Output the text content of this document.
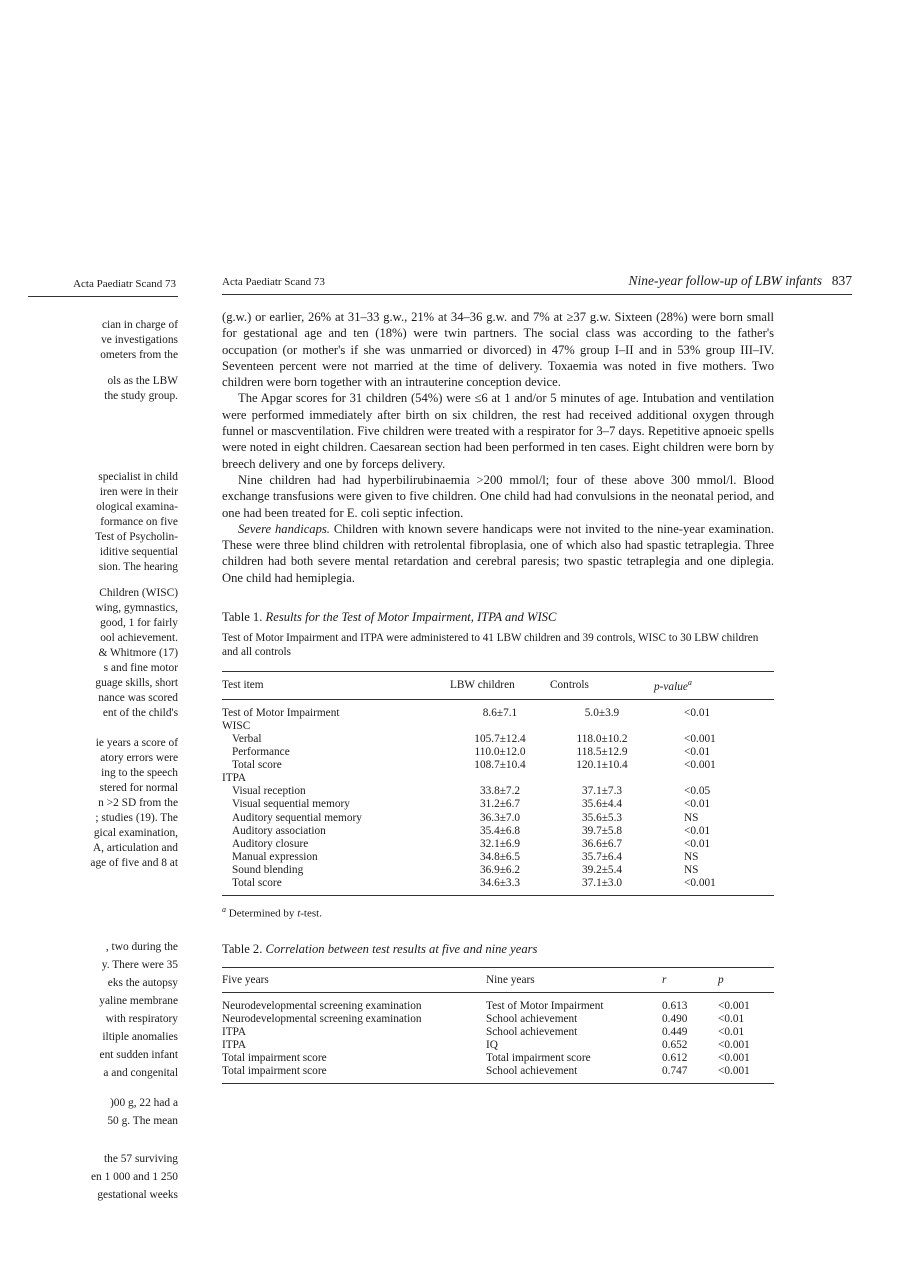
Acta Paediatr Scand 73
cian in charge of
ve investigations
ometers from the
ols as the LBW
the study group.
specialist in child
iren were in their
ological examina-
formance on five
Test of Psycholin-
iditive sequential
sion. The hearing
Children (WISC)
wing, gymnastics,
good, 1 for fairly
ool achievement.
& Whitmore (17)
s and fine motor
guage skills, short
nance was scored
ent of the child's
ie years a score of
atory errors were
ing to the speech
stered for normal
n >2 SD from the
; studies (19). The
gical examination,
A, articulation and
age of five and 8 at
, two during the
y. There were 35
eks the autopsy
yaline membrane
with respiratory
iltiple anomalies
ent sudden infant
a and congenital
)00 g, 22 had a
50 g. The mean
the 57 surviving
en 1 000 and 1 250
gestational weeks
Acta Paediatr Scand 73	Nine-year follow-up of LBW infants 837

(g.w.) or earlier, 26% at 31–33 g.w., 21% at 34–36 g.w. and 7% at ≥37 g.w. Sixteen (28%) were born small for gestational age and ten (18%) were twin partners. The social class was according to the father's occupation (or mother's if she was unmarried or divorced) in 47% group I–II and in 53% group III–IV. Seventeen percent were not married at the time of delivery. Toxaemia was noted in five mothers. Two children were born together with an intrauterine conception device.

The Apgar scores for 31 children (54%) were ≤6 at 1 and/or 5 minutes of age. Intubation and ventilation were performed immediately after birth on six children, the rest had received additional oxygen through funnel or mascventilation. Five children were treated with a respirator for 3–7 days. Repetitive apnoeic spells were noted in eight children. Caesarean section had been performed in ten cases. Eight children were born by breech delivery and one by forceps delivery.

Nine children had had hyperbilirubinaemia >200 mmol/l; four of these above 300 mmol/l. Blood exchange transfusions were given to five children. One child had had convulsions in the neonatal period, and one had been treated for E. coli septic infection.

Severe handicaps. Children with known severe handicaps were not invited to the nine-year examination. These were three blind children with retrolental fibroplasia, one of which also had spastic tetraplegia. Three children had both severe mental retardation and cerebral paresis; two spastic tetraplegia and one diplegia. One child had hemiplegia.

Table 1. Results for the Test of Motor Impairment, ITPA and WISC
Test of Motor Impairment and ITPA were administered to 41 LBW children and 39 controls, WISC to 30 LBW children and all controls
Test item	LBW children	Controls	p-value$^a$
Test of Motor Impairment	8.6±7.1	5.0±3.9	<0.01
WISC			
Verbal	105.7±12.4	118.0±10.2	<0.001
Performance	110.0±12.0	118.5±12.9	<0.01
Total score	108.7±10.4	120.1±10.4	<0.001
ITPA			
Visual reception	33.8±7.2	37.1±7.3	<0.05
Visual sequential memory	31.2±6.7	35.6±4.4	<0.01
Auditory sequential memory	36.3±7.0	35.6±5.3	NS
Auditory association	35.4±6.8	39.7±5.8	<0.01
Auditory closure	32.1±6.9	36.6±6.7	<0.01
Manual expression	34.8±6.5	35.7±6.4	NS
Sound blending	36.9±6.2	39.2±5.4	NS
Total score	34.6±3.3	37.1±3.0	<0.001
$^a$ Determined by t-test.
Table 2. Correlation between test results at five and nine years
Five years	Nine years	r	p
Neurodevelopmental screening examination	Test of Motor Impairment	0.613	<0.001
Neurodevelopmental screening examination	School achievement	0.490	<0.01
ITPA	School achievement	0.449	<0.01
ITPA	IQ	0.652	<0.001
Total impairment score	Total impairment score	0.612	<0.001
Total impairment score	School achievement	0.747	<0.001
